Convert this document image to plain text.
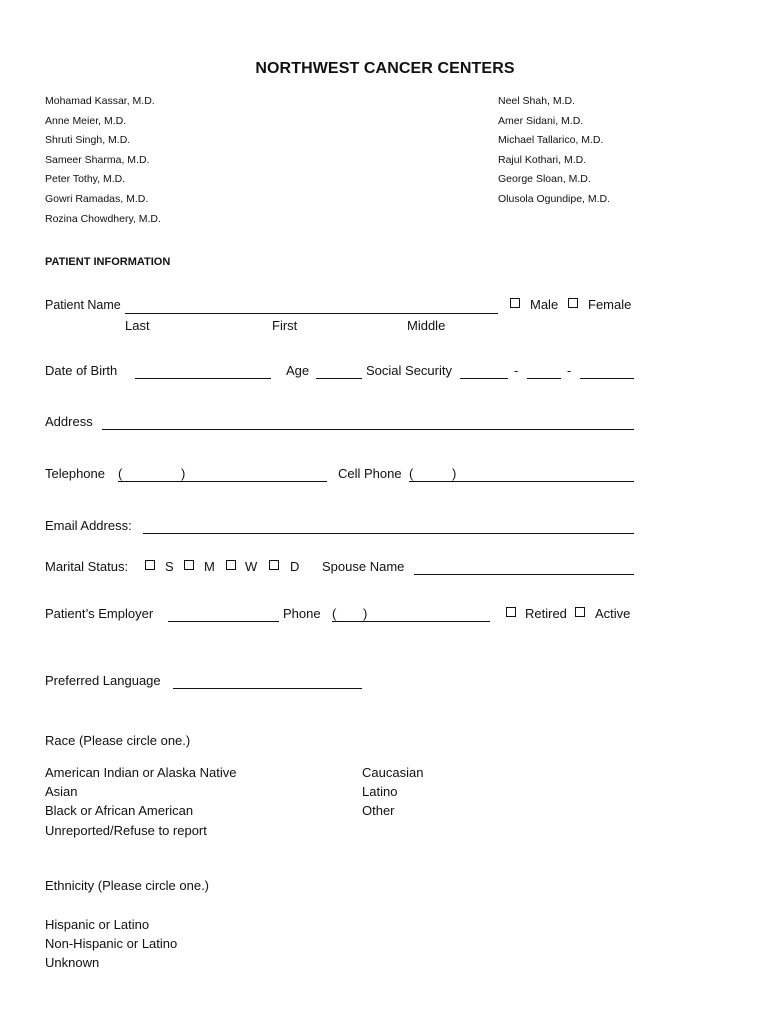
NORTHWEST CANCER CENTERS
Mohamad Kassar, M.D.
Anne Meier, M.D.
Shruti Singh, M.D.
Sameer Sharma, M.D.
Peter Tothy, M.D.
Gowri Ramadas, M.D.
Rozina Chowdhery, M.D.
Neel Shah, M.D.
Amer Sidani, M.D.
Michael Tallarico, M.D.
Rajul Kothari, M.D.
George Sloan, M.D.
Olusola Ogundipe, M.D.
PATIENT INFORMATION
Patient Name	Male Female
Last	First	Middle
Date of Birth	Age	Social Security	-	-
Address
Telephone (	)	Cell Phone (	)
Email Address:
Marital Status:	S M W	D Spouse Name
Patient’s Employer	Phone ( )	Retired Active
Preferred Language
Race (Please circle one.)
American Indian or Alaska Native
Asian
Black or African American
Unreported/Refuse to report
Caucasian
Latino
Other
Ethnicity (Please circle one.)
Hispanic or Latino
Non-Hispanic or Latino
Unknown
